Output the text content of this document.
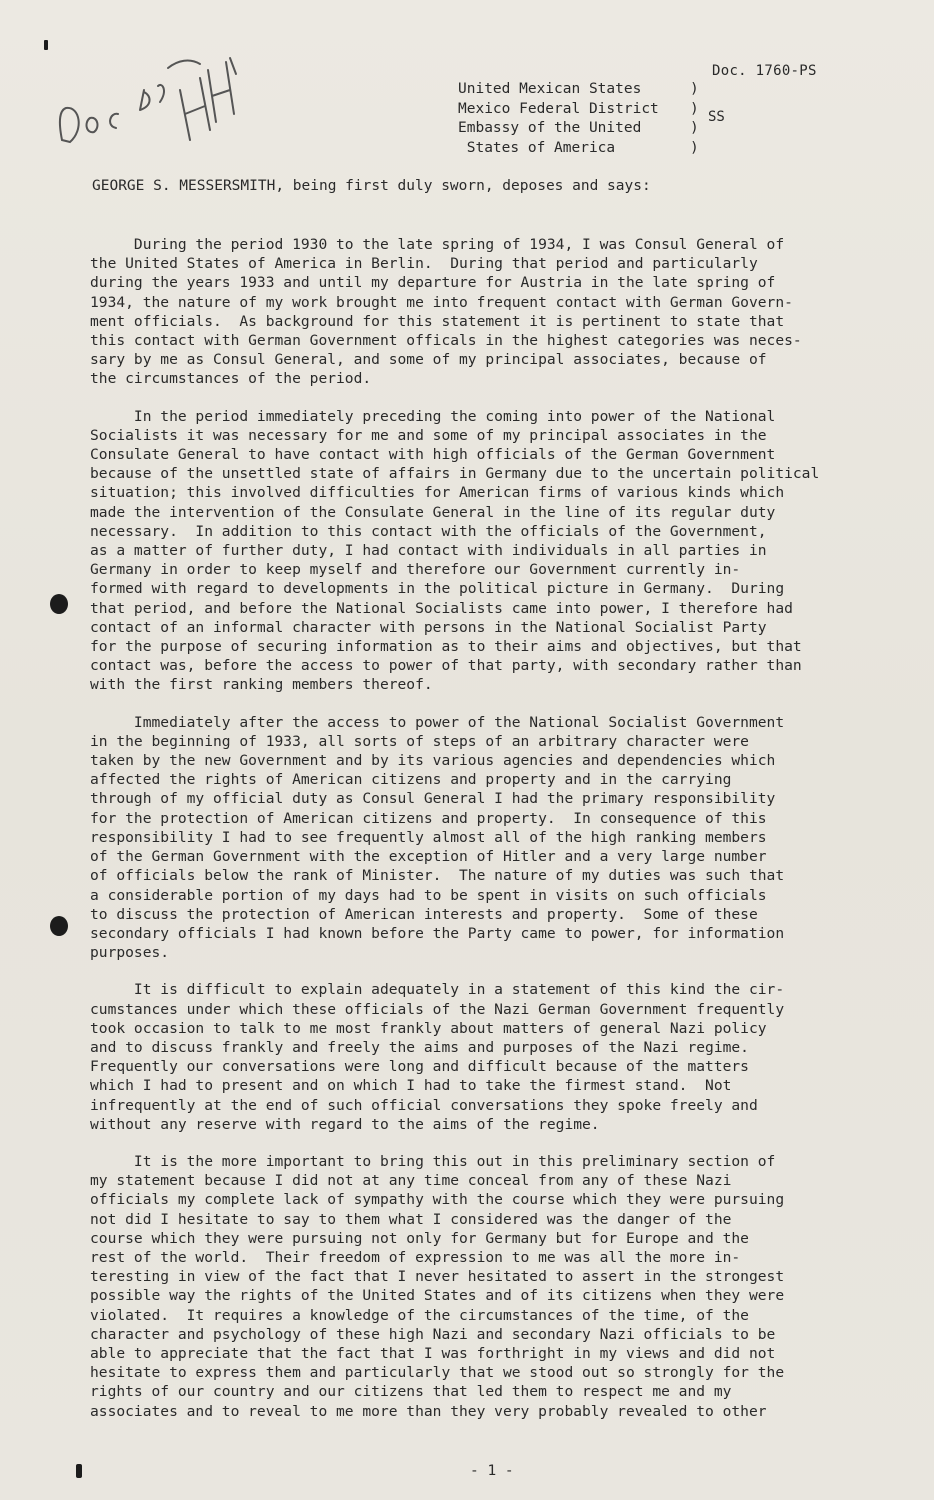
Doc. 1760-PS
United Mexican States	)
Mexico Federal District	)
Embassy of the United	)
States of America	)
SS
GEORGE S. MESSERSMITH, being first duly sworn, deposes and says:

During the period 1930 to the late spring of 1934, I was Consul General of
the United States of America in Berlin.  During that period and particularly
during the years 1933 and until my departure for Austria in the late spring of
1934, the nature of my work brought me into frequent contact with German Govern-
ment officials.  As background for this statement it is pertinent to state that
this contact with German Government officals in the highest categories was neces-
sary by me as Consul General, and some of my principal associates, because of
the circumstances of the period.

In the period immediately preceding the coming into power of the National
Socialists it was necessary for me and some of my principal associates in the
Consulate General to have contact with high officials of the German Government
because of the unsettled state of affairs in Germany due to the uncertain political
situation; this involved difficulties for American firms of various kinds which
made the intervention of the Consulate General in the line of its regular duty
necessary.  In addition to this contact with the officials of the Government,
as a matter of further duty, I had contact with individuals in all parties in
Germany in order to keep myself and therefore our Government currently in-
formed with regard to developments in the political picture in Germany.  During
that period, and before the National Socialists came into power, I therefore had
contact of an informal character with persons in the National Socialist Party
for the purpose of securing information as to their aims and objectives, but that
contact was, before the access to power of that party, with secondary rather than
with the first ranking members thereof.

Immediately after the access to power of the National Socialist Government
in the beginning of 1933, all sorts of steps of an arbitrary character were
taken by the new Government and by its various agencies and dependencies which
affected the rights of American citizens and property and in the carrying
through of my official duty as Consul General I had the primary responsibility
for the protection of American citizens and property.  In consequence of this
responsibility I had to see frequently almost all of the high ranking members
of the German Government with the exception of Hitler and a very large number
of officials below the rank of Minister.  The nature of my duties was such that
a considerable portion of my days had to be spent in visits on such officials
to discuss the protection of American interests and property.  Some of these
secondary officials I had known before the Party came to power, for information
purposes.

It is difficult to explain adequately in a statement of this kind the cir-
cumstances under which these officials of the Nazi German Government frequently
took occasion to talk to me most frankly about matters of general Nazi policy
and to discuss frankly and freely the aims and purposes of the Nazi regime.
Frequently our conversations were long and difficult because of the matters
which I had to present and on which I had to take the firmest stand.  Not
infrequently at the end of such official conversations they spoke freely and
without any reserve with regard to the aims of the regime.

It is the more important to bring this out in this preliminary section of
my statement because I did not at any time conceal from any of these Nazi
officials my complete lack of sympathy with the course which they were pursuing
not did I hesitate to say to them what I considered was the danger of the
course which they were pursuing not only for Germany but for Europe and the
rest of the world.  Their freedom of expression to me was all the more in-
teresting in view of the fact that I never hesitated to assert in the strongest
possible way the rights of the United States and of its citizens when they were
violated.  It requires a knowledge of the circumstances of the time, of the
character and psychology of these high Nazi and secondary Nazi officials to be
able to appreciate that the fact that I was forthright in my views and did not
hesitate to express them and particularly that we stood out so strongly for the
rights of our country and our citizens that led them to respect me and my
associates and to reveal to me more than they very probably revealed to other

- 1 -
